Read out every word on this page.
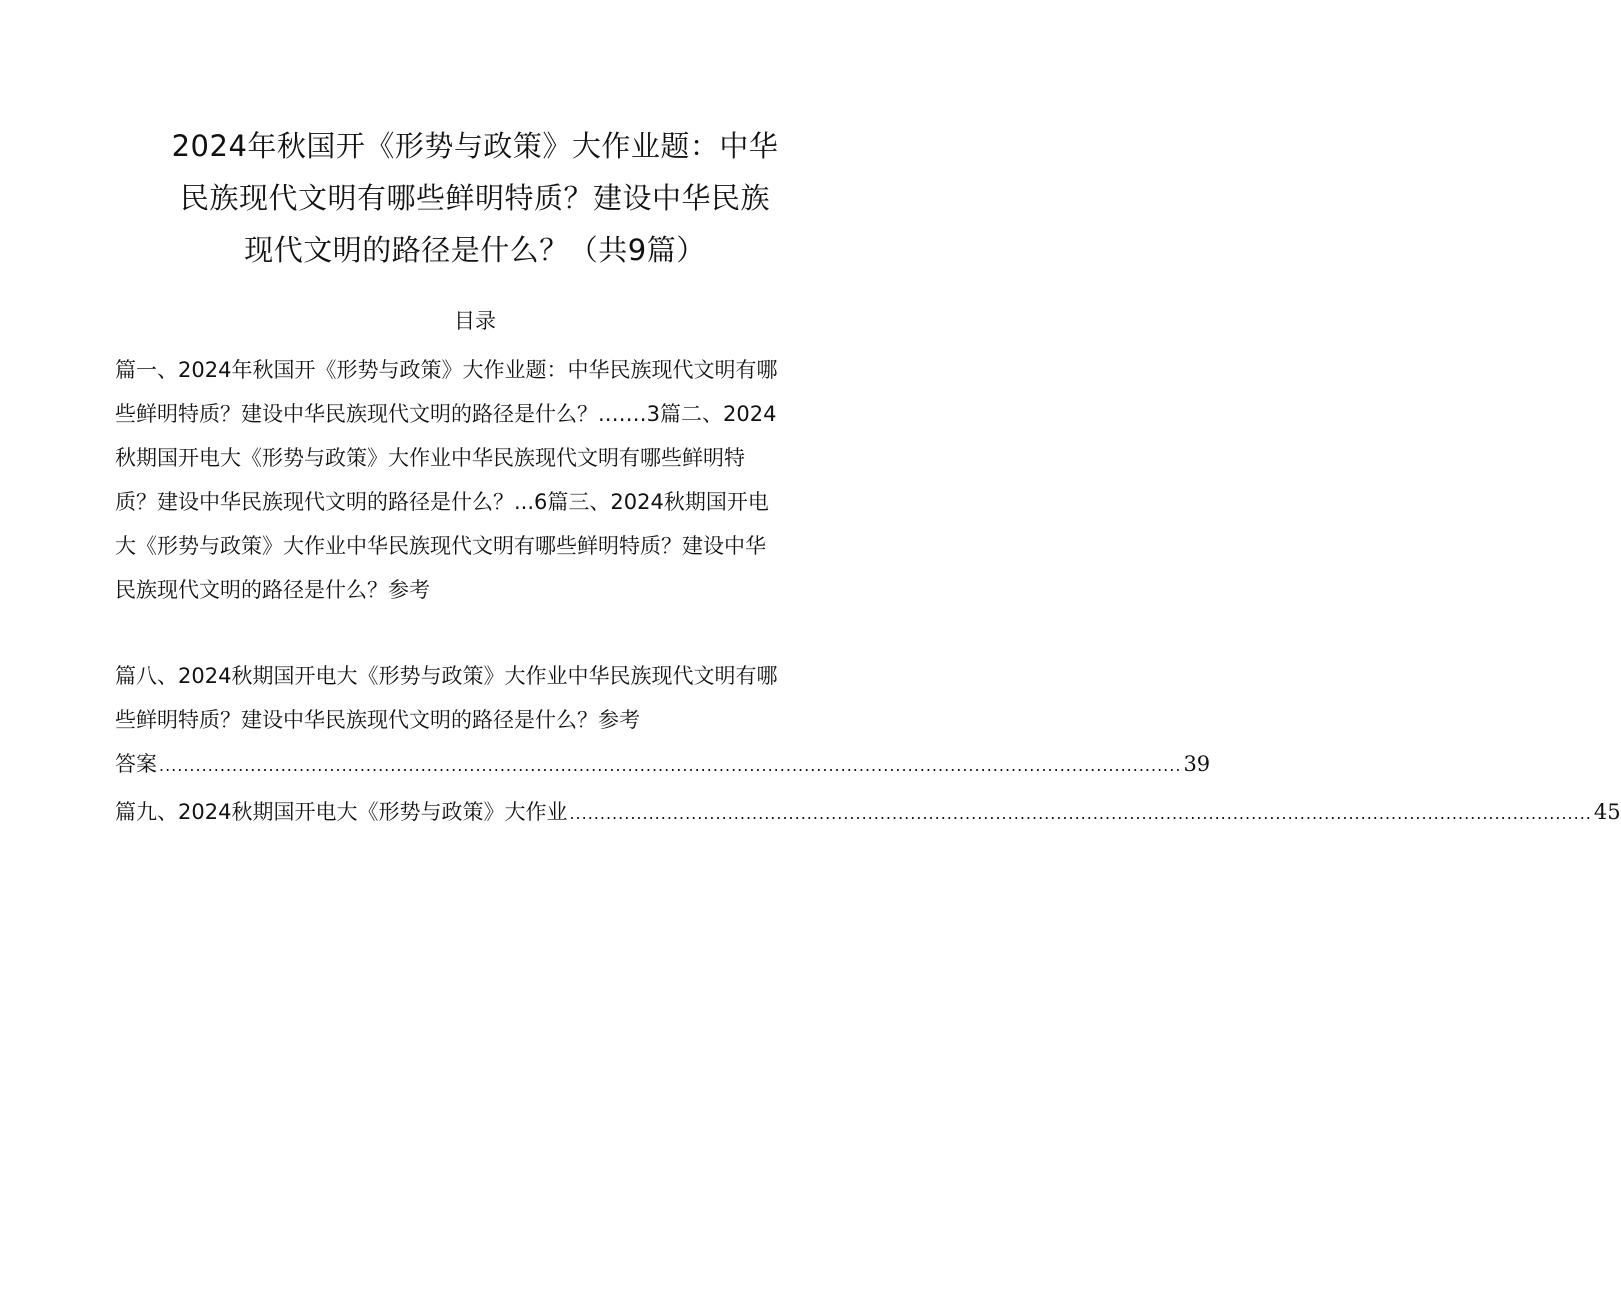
2024年秋国开《形势与政策》大作业题：中华
民族现代文明有哪些鲜明特质？建设中华民族
现代文明的路径是什么？（共9篇）
目录
篇一、2024年秋国开《形势与政策》大作业题：中华民族现代文明有哪
些鲜明特质？建设中华民族现代文明的路径是什么？.……3篇二、2024
秋期国开电大《形势与政策》大作业中华民族现代文明有哪些鲜明特
质？建设中华民族现代文明的路径是什么？...6篇三、2024秋期国开电
大《形势与政策》大作业中华民族现代文明有哪些鲜明特质？建设中华
民族现代文明的路径是什么？参考
篇八、2024秋期国开电大《形势与政策》大作业中华民族现代文明有哪
些鲜明特质？建设中华民族现代文明的路径是什么？参考
答案 ........................................................................................................................................................................ 39
篇九、2024秋期国开电大《形势与政策》大作业 ........................................................................................................................................................................ 45
